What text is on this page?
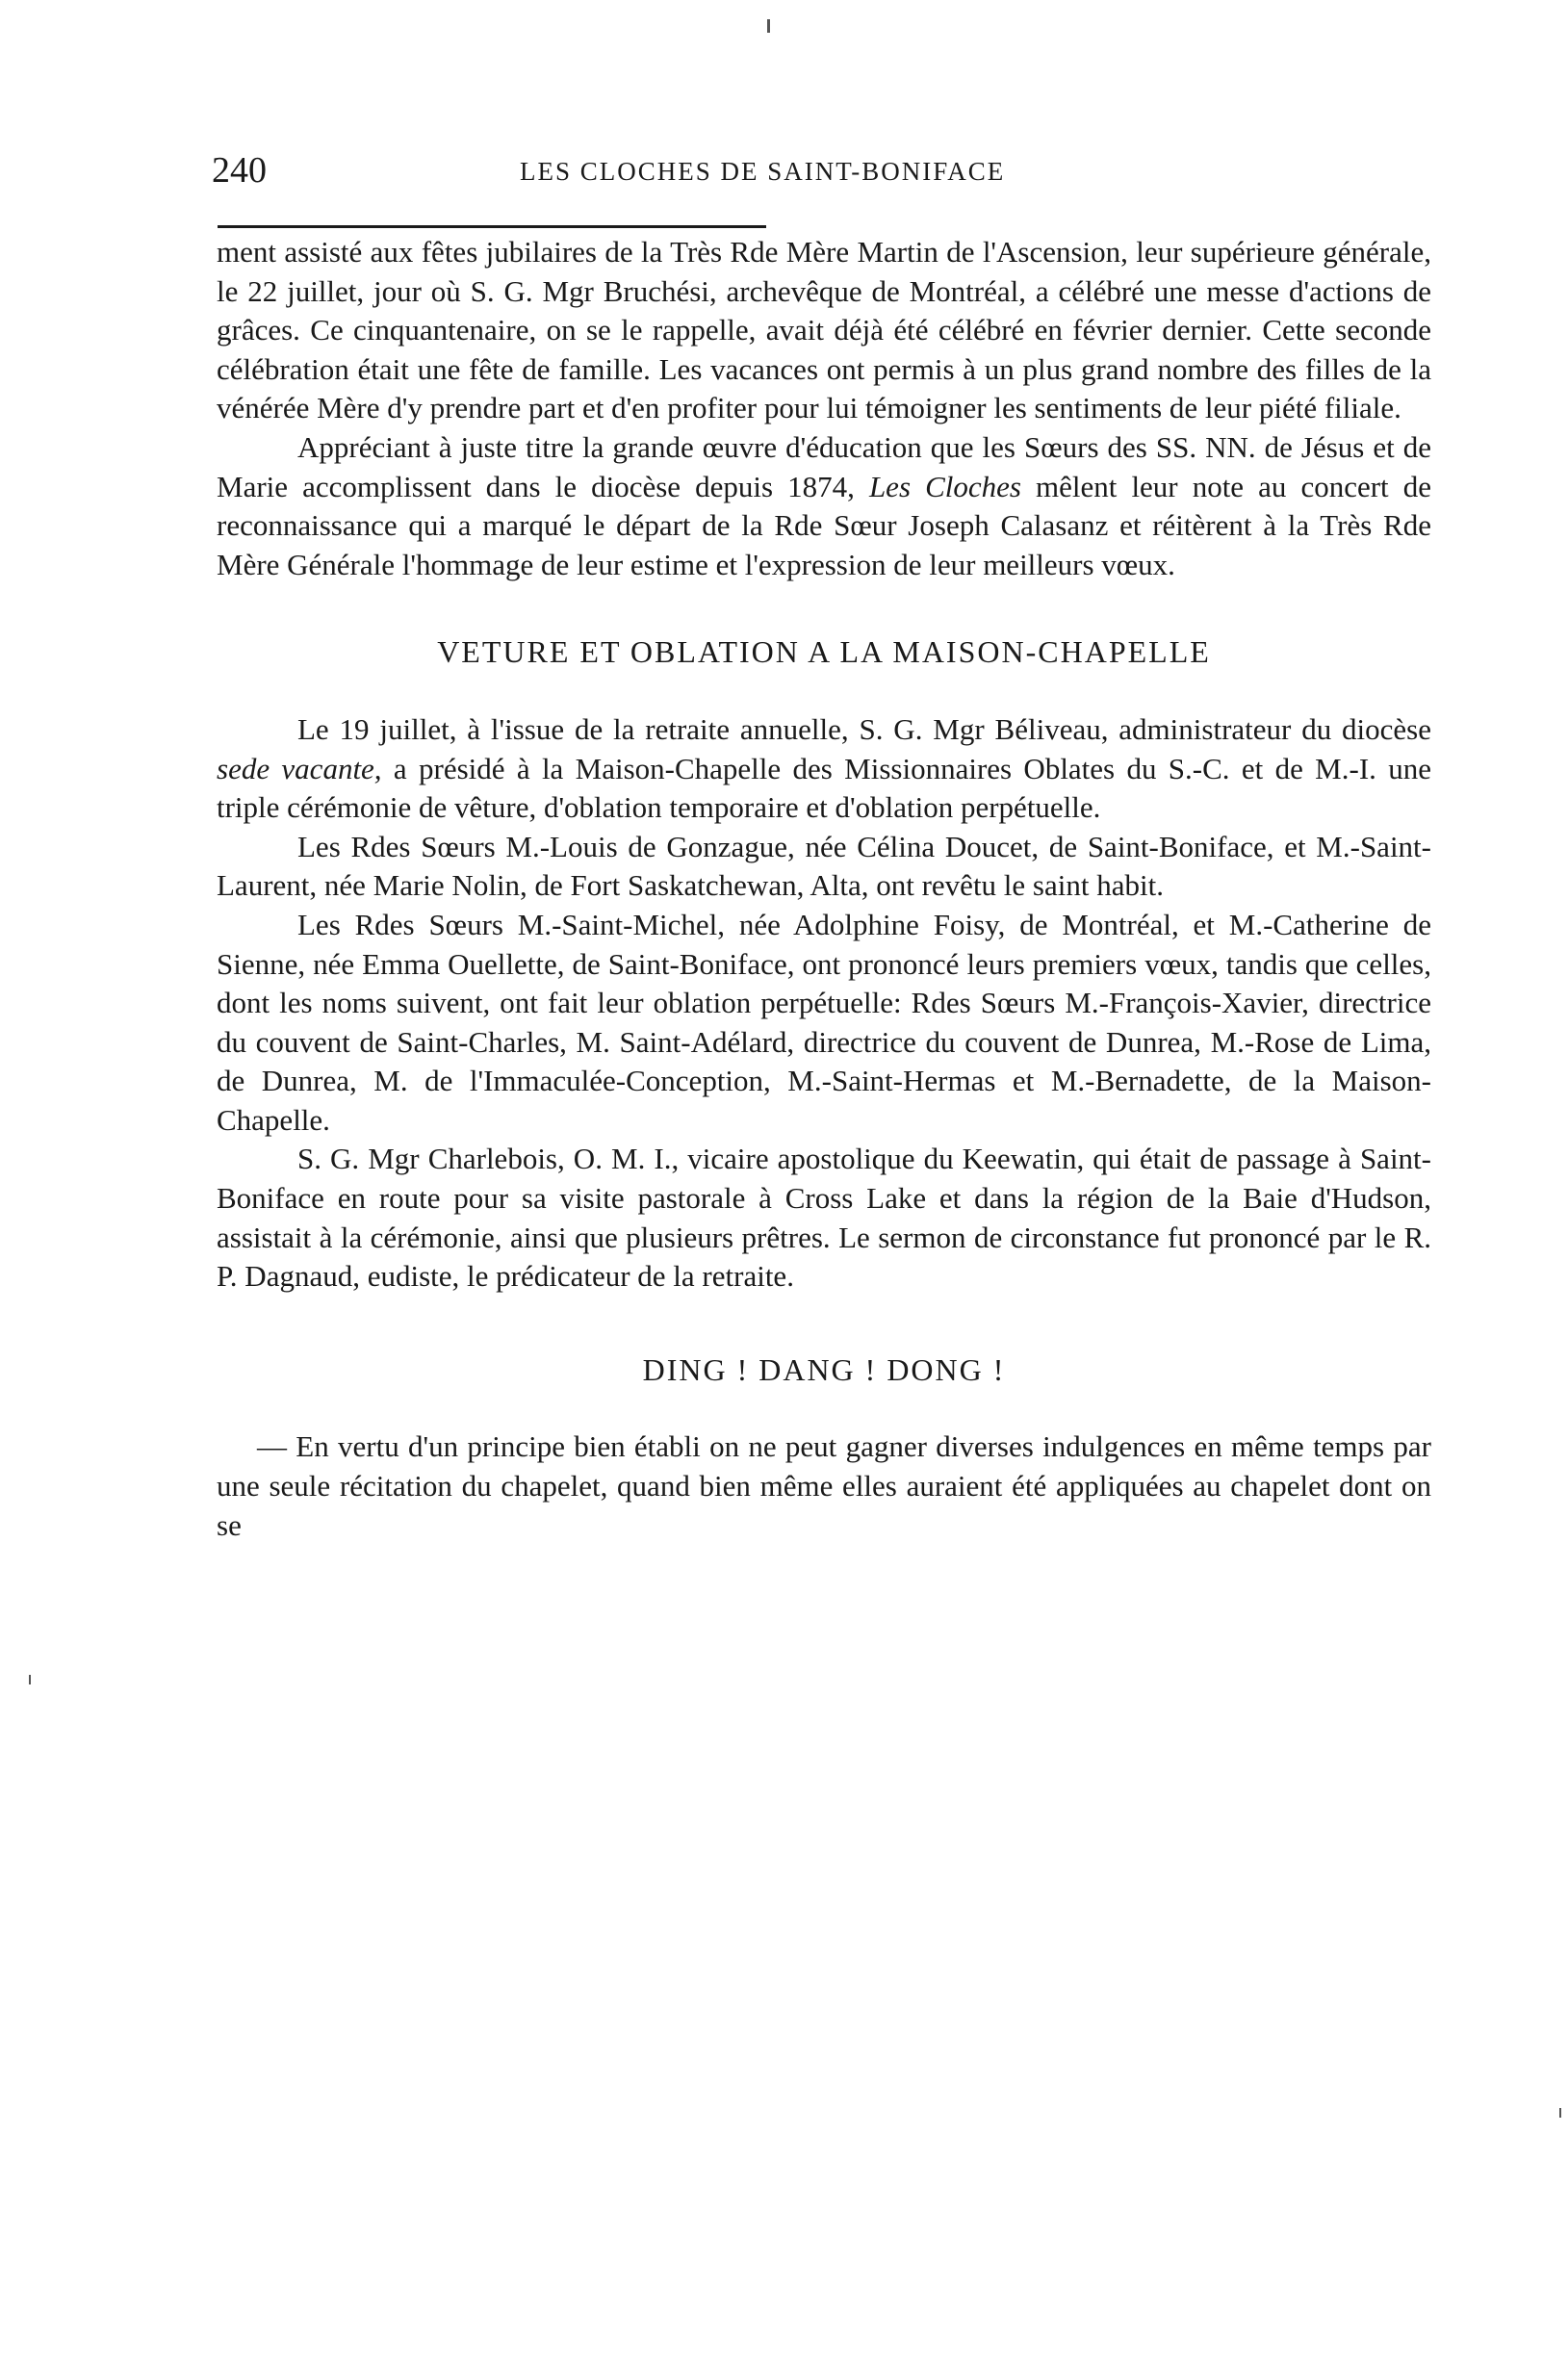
240	LES CLOCHES DE SAINT-BONIFACE

ment assisté aux fêtes jubilaires de la Très Rde Mère Martin de l'Ascension, leur supérieure générale, le 22 juillet, jour où S. G. Mgr Bruchési, archevêque de Montréal, a célébré une messe d'actions de grâces. Ce cinquantenaire, on se le rappelle, avait déjà été célébré en février dernier. Cette seconde célébration était une fête de famille. Les vacances ont permis à un plus grand nombre des filles de la vénérée Mère d'y prendre part et d'en profiter pour lui témoigner les sentiments de leur piété filiale.

Appréciant à juste titre la grande œuvre d'éducation que les Sœurs des SS. NN. de Jésus et de Marie accomplissent dans le diocèse depuis 1874, Les Cloches mêlent leur note au concert de reconnaissance qui a marqué le départ de la Rde Sœur Joseph Calasanz et réitèrent à la Très Rde Mère Générale l'hommage de leur estime et l'expression de leur meilleurs vœux.

VETURE ET OBLATION A LA MAISON-CHAPELLE

Le 19 juillet, à l'issue de la retraite annuelle, S. G. Mgr Béliveau, administrateur du diocèse sede vacante, a présidé à la Maison-Chapelle des Missionnaires Oblates du S.-C. et de M.-I. une triple cérémonie de vêture, d'oblation temporaire et d'oblation perpétuelle.

Les Rdes Sœurs M.-Louis de Gonzague, née Célina Doucet, de Saint-Boniface, et M.-Saint-Laurent, née Marie Nolin, de Fort Saskatchewan, Alta, ont revêtu le saint habit.

Les Rdes Sœurs M.-Saint-Michel, née Adolphine Foisy, de Montréal, et M.-Catherine de Sienne, née Emma Ouellette, de Saint-Boniface, ont prononcé leurs premiers vœux, tandis que celles, dont les noms suivent, ont fait leur oblation perpétuelle: Rdes Sœurs M.-François-Xavier, directrice du couvent de Saint-Charles, M. Saint-Adélard, directrice du couvent de Dunrea, M.-Rose de Lima, de Dunrea, M. de l'Immaculée-Conception, M.-Saint-Hermas et M.-Bernadette, de la Maison-Chapelle.

S. G. Mgr Charlebois, O. M. I., vicaire apostolique du Keewatin, qui était de passage à Saint-Boniface en route pour sa visite pastorale à Cross Lake et dans la région de la Baie d'Hudson, assistait à la cérémonie, ainsi que plusieurs prêtres. Le sermon de circonstance fut prononcé par le R. P. Dagnaud, eudiste, le prédicateur de la retraite.

DING ! DANG ! DONG !

— En vertu d'un principe bien établi on ne peut gagner diverses indulgences en même temps par une seule récitation du chapelet, quand bien même elles auraient été appliquées au chapelet dont on se
